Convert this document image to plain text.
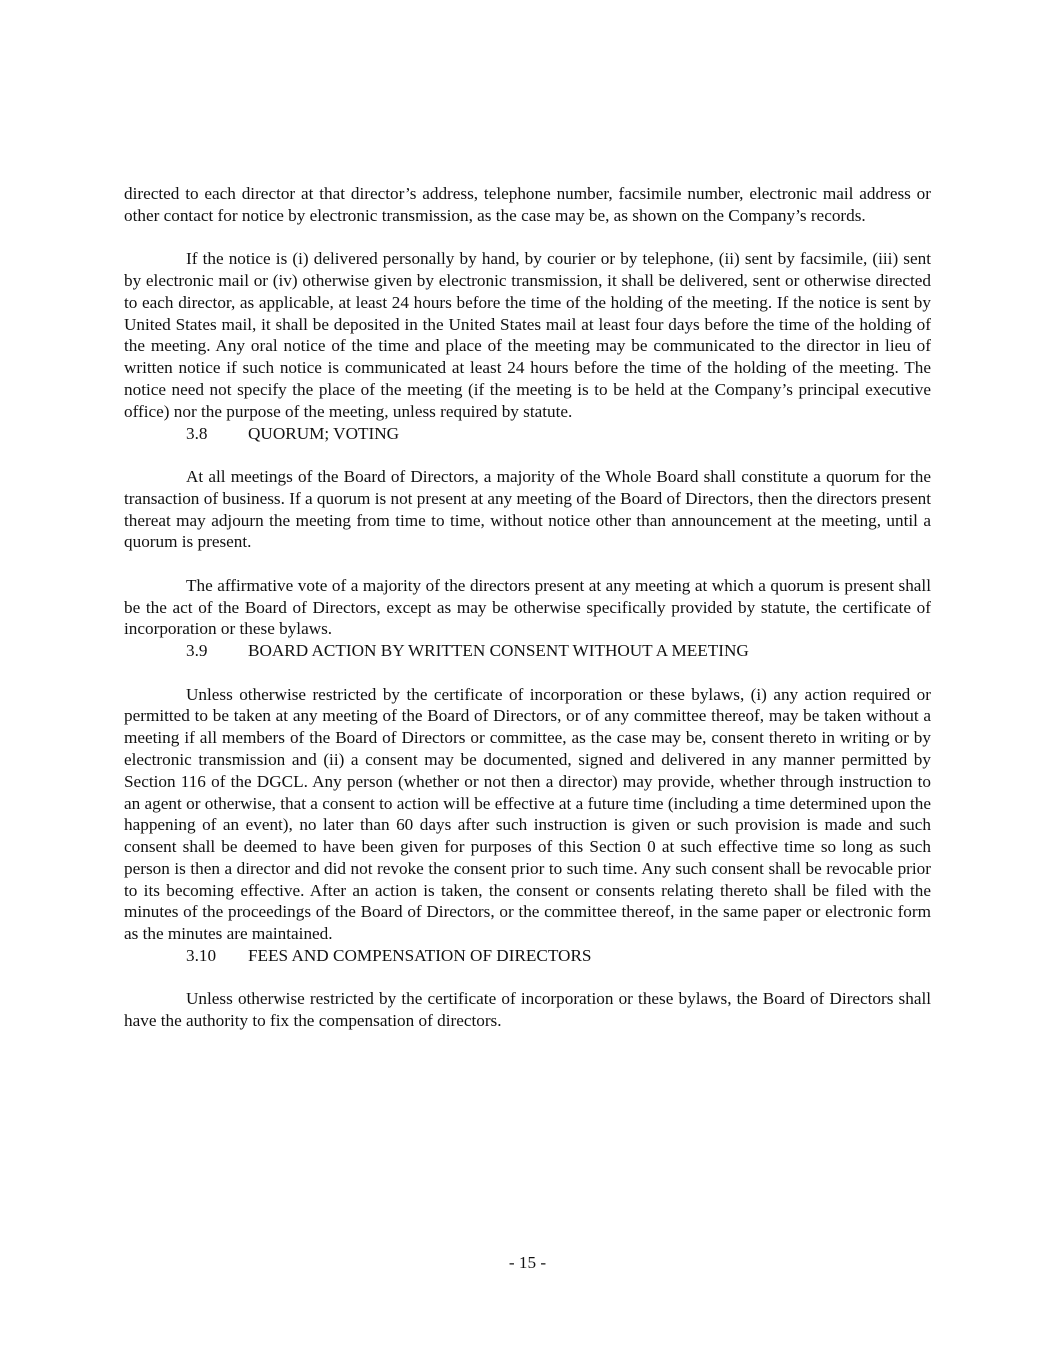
directed to each director at that director’s address, telephone number, facsimile number, electronic mail address or other contact for notice by electronic transmission, as the case may be, as shown on the Company’s records.

If the notice is (i) delivered personally by hand, by courier or by telephone, (ii) sent by facsimile, (iii) sent by electronic mail or (iv) otherwise given by electronic transmission, it shall be delivered, sent or otherwise directed to each director, as applicable, at least 24 hours before the time of the holding of the meeting. If the notice is sent by United States mail, it shall be deposited in the United States mail at least four days before the time of the holding of the meeting. Any oral notice of the time and place of the meeting may be communicated to the director in lieu of written notice if such notice is communicated at least 24 hours before the time of the holding of the meeting. The notice need not specify the place of the meeting (if the meeting is to be held at the Company’s principal executive office) nor the purpose of the meeting, unless required by statute.

3.8 QUORUM; VOTING

At all meetings of the Board of Directors, a majority of the Whole Board shall constitute a quorum for the transaction of business. If a quorum is not present at any meeting of the Board of Directors, then the directors present thereat may adjourn the meeting from time to time, without notice other than announcement at the meeting, until a quorum is present.

The affirmative vote of a majority of the directors present at any meeting at which a quorum is present shall be the act of the Board of Directors, except as may be otherwise specifically provided by statute, the certificate of incorporation or these bylaws.

3.9 BOARD ACTION BY WRITTEN CONSENT WITHOUT A MEETING

Unless otherwise restricted by the certificate of incorporation or these bylaws, (i) any action required or permitted to be taken at any meeting of the Board of Directors, or of any committee thereof, may be taken without a meeting if all members of the Board of Directors or committee, as the case may be, consent thereto in writing or by electronic transmission and (ii) a consent may be documented, signed and delivered in any manner permitted by Section 116 of the DGCL. Any person (whether or not then a director) may provide, whether through instruction to an agent or otherwise, that a consent to action will be effective at a future time (including a time determined upon the happening of an event), no later than 60 days after such instruction is given or such provision is made and such consent shall be deemed to have been given for purposes of this Section 0 at such effective time so long as such person is then a director and did not revoke the consent prior to such time. Any such consent shall be revocable prior to its becoming effective. After an action is taken, the consent or consents relating thereto shall be filed with the minutes of the proceedings of the Board of Directors, or the committee thereof, in the same paper or electronic form as the minutes are maintained.

3.10 FEES AND COMPENSATION OF DIRECTORS

Unless otherwise restricted by the certificate of incorporation or these bylaws, the Board of Directors shall have the authority to fix the compensation of directors.

- 15 -
